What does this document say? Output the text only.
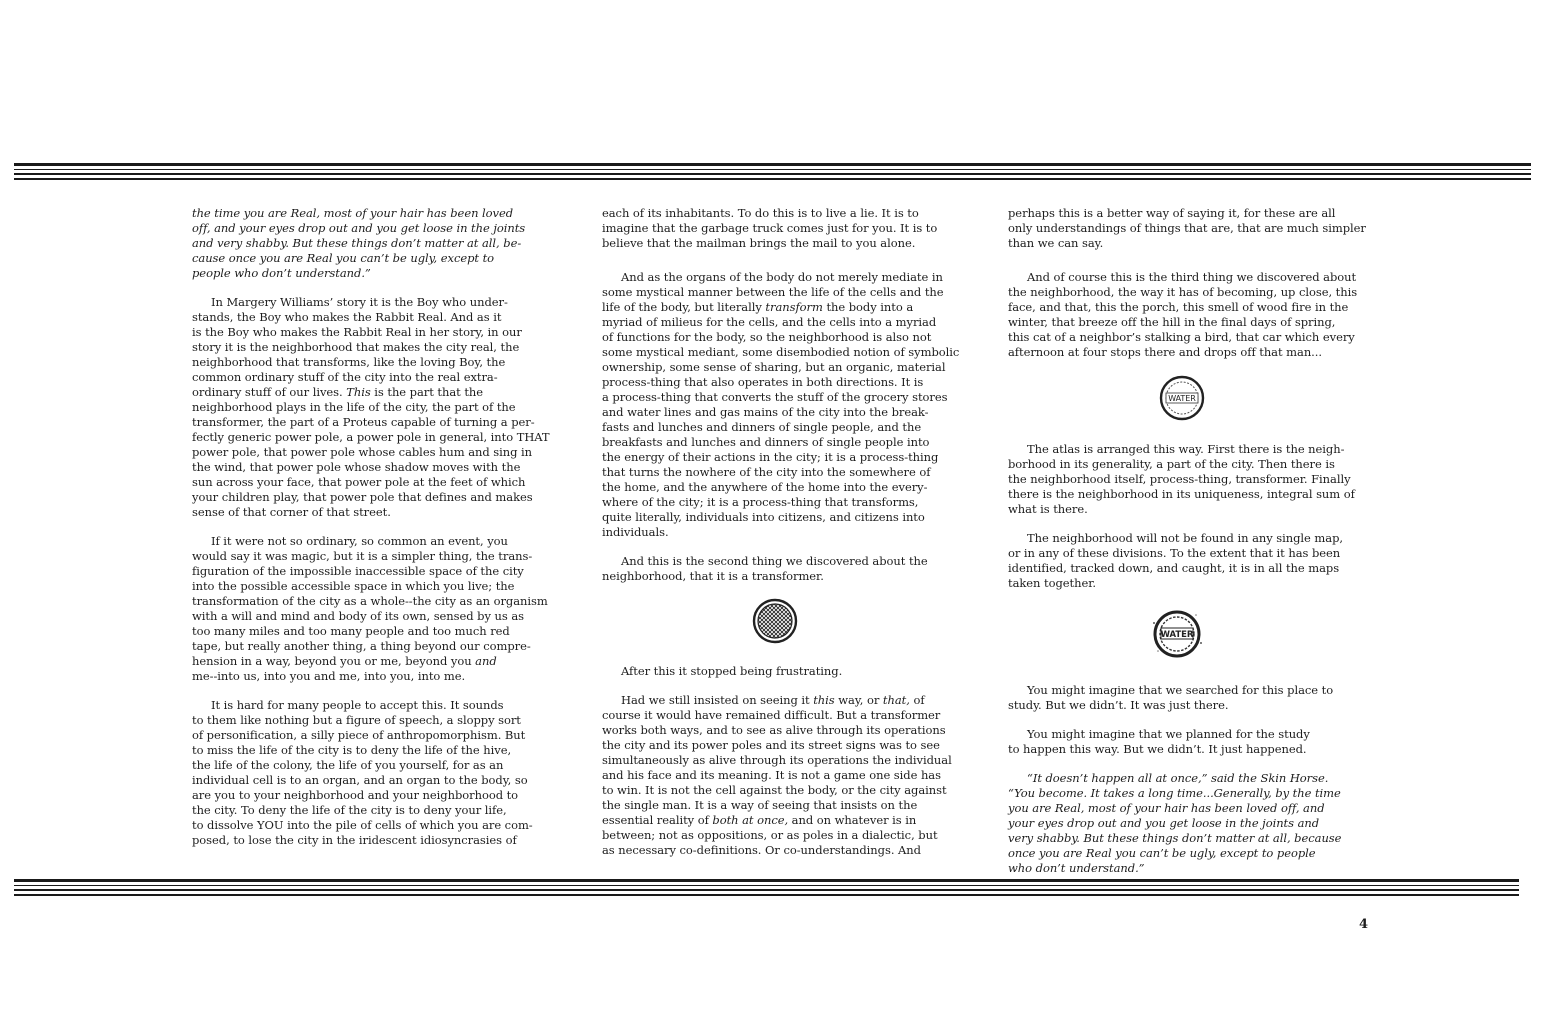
the time you are Real, most of your hair has been loved
off, and your eyes drop out and you get loose in the joints
and very shabby. But these things don’t matter at all, be-
cause once you are Real you can’t be ugly, except to
people who don’t understand.”

In Margery Williams’ story it is the Boy who under-
stands, the Boy who makes the Rabbit Real. And as it
is the Boy who makes the Rabbit Real in her story, in our
story it is the neighborhood that makes the city real, the
neighborhood that transforms, like the loving Boy, the
common ordinary stuff of the city into the real extra-
ordinary stuff of our lives. This is the part that the
neighborhood plays in the life of the city, the part of the
transformer, the part of a Proteus capable of turning a per-
fectly generic power pole, a power pole in general, into THAT
power pole, that power pole whose cables hum and sing in
the wind, that power pole whose shadow moves with the
sun across your face, that power pole at the feet of which
your children play, that power pole that defines and makes
sense of that corner of that street.

If it were not so ordinary, so common an event, you
would say it was magic, but it is a simpler thing, the trans-
figuration of the impossible inaccessible space of the city
into the possible accessible space in which you live; the
transformation of the city as a whole--the city as an organism
with a will and mind and body of its own, sensed by us as
too many miles and too many people and too much red
tape, but really another thing, a thing beyond our compre-
hension in a way, beyond you or me, beyond you and
me--into us, into you and me, into you, into me.

It is hard for many people to accept this. It sounds
to them like nothing but a figure of speech, a sloppy sort
of personification, a silly piece of anthropomorphism. But
to miss the life of the city is to deny the life of the hive,
the life of the colony, the life of you yourself, for as an
individual cell is to an organ, and an organ to the body, so
are you to your neighborhood and your neighborhood to
the city. To deny the life of the city is to deny your life,
to dissolve YOU into the pile of cells of which you are com-
posed, to lose the city in the iridescent idiosyncrasies of

each of its inhabitants. To do this is to live a lie. It is to
imagine that the garbage truck comes just for you. It is to
believe that the mailman brings the mail to you alone.

And as the organs of the body do not merely mediate in
some mystical manner between the life of the cells and the
life of the body, but literally transform the body into a
myriad of milieus for the cells, and the cells into a myriad
of functions for the body, so the neighborhood is also not
some mystical mediant, some disembodied notion of symbolic
ownership, some sense of sharing, but an organic, material
process-thing that also operates in both directions. It is
a process-thing that converts the stuff of the grocery stores
and water lines and gas mains of the city into the break-
fasts and lunches and dinners of single people, and the
breakfasts and lunches and dinners of single people into
the energy of their actions in the city; it is a process-thing
that turns the nowhere of the city into the somewhere of
the home, and the anywhere of the home into the every-
where of the city; it is a process-thing that transforms,
quite literally, individuals into citizens, and citizens into
individuals.

And this is the second thing we discovered about the
neighborhood, that it is a transformer.

After this it stopped being frustrating.

Had we still insisted on seeing it this way, or that, of
course it would have remained difficult. But a transformer
works both ways, and to see as alive through its operations
the city and its power poles and its street signs was to see
simultaneously as alive through its operations the individual
and his face and its meaning. It is not a game one side has
to win. It is not the cell against the body, or the city against
the single man. It is a way of seeing that insists on the
essential reality of both at once, and on whatever is in
between; not as oppositions, or as poles in a dialectic, but
as necessary co-definitions. Or co-understandings. And

perhaps this is a better way of saying it, for these are all
only understandings of things that are, that are much simpler
than we can say.

And of course this is the third thing we discovered about
the neighborhood, the way it has of becoming, up close, this
face, and that, this the porch, this smell of wood fire in the
winter, that breeze off the hill in the final days of spring,
this cat of a neighbor’s stalking a bird, that car which every
afternoon at four stops there and drops off that man...

WATER

The atlas is arranged this way. First there is the neigh-
borhood in its generality, a part of the city. Then there is
the neighborhood itself, process-thing, transformer. Finally
there is the neighborhood in its uniqueness, integral sum of
what is there.

The neighborhood will not be found in any single map,
or in any of these divisions. To the extent that it has been
identified, tracked down, and caught, it is in all the maps
taken together.

WATER

You might imagine that we searched for this place to
study. But we didn’t. It was just there.

You might imagine that we planned for the study
to happen this way. But we didn’t. It just happened.

“It doesn’t happen all at once,” said the Skin Horse.
“You become. It takes a long time...Generally, by the time
you are Real, most of your hair has been loved off, and
your eyes drop out and you get loose in the joints and
very shabby. But these things don’t matter at all, because
once you are Real you can’t be ugly, except to people
who don’t understand.”

4
